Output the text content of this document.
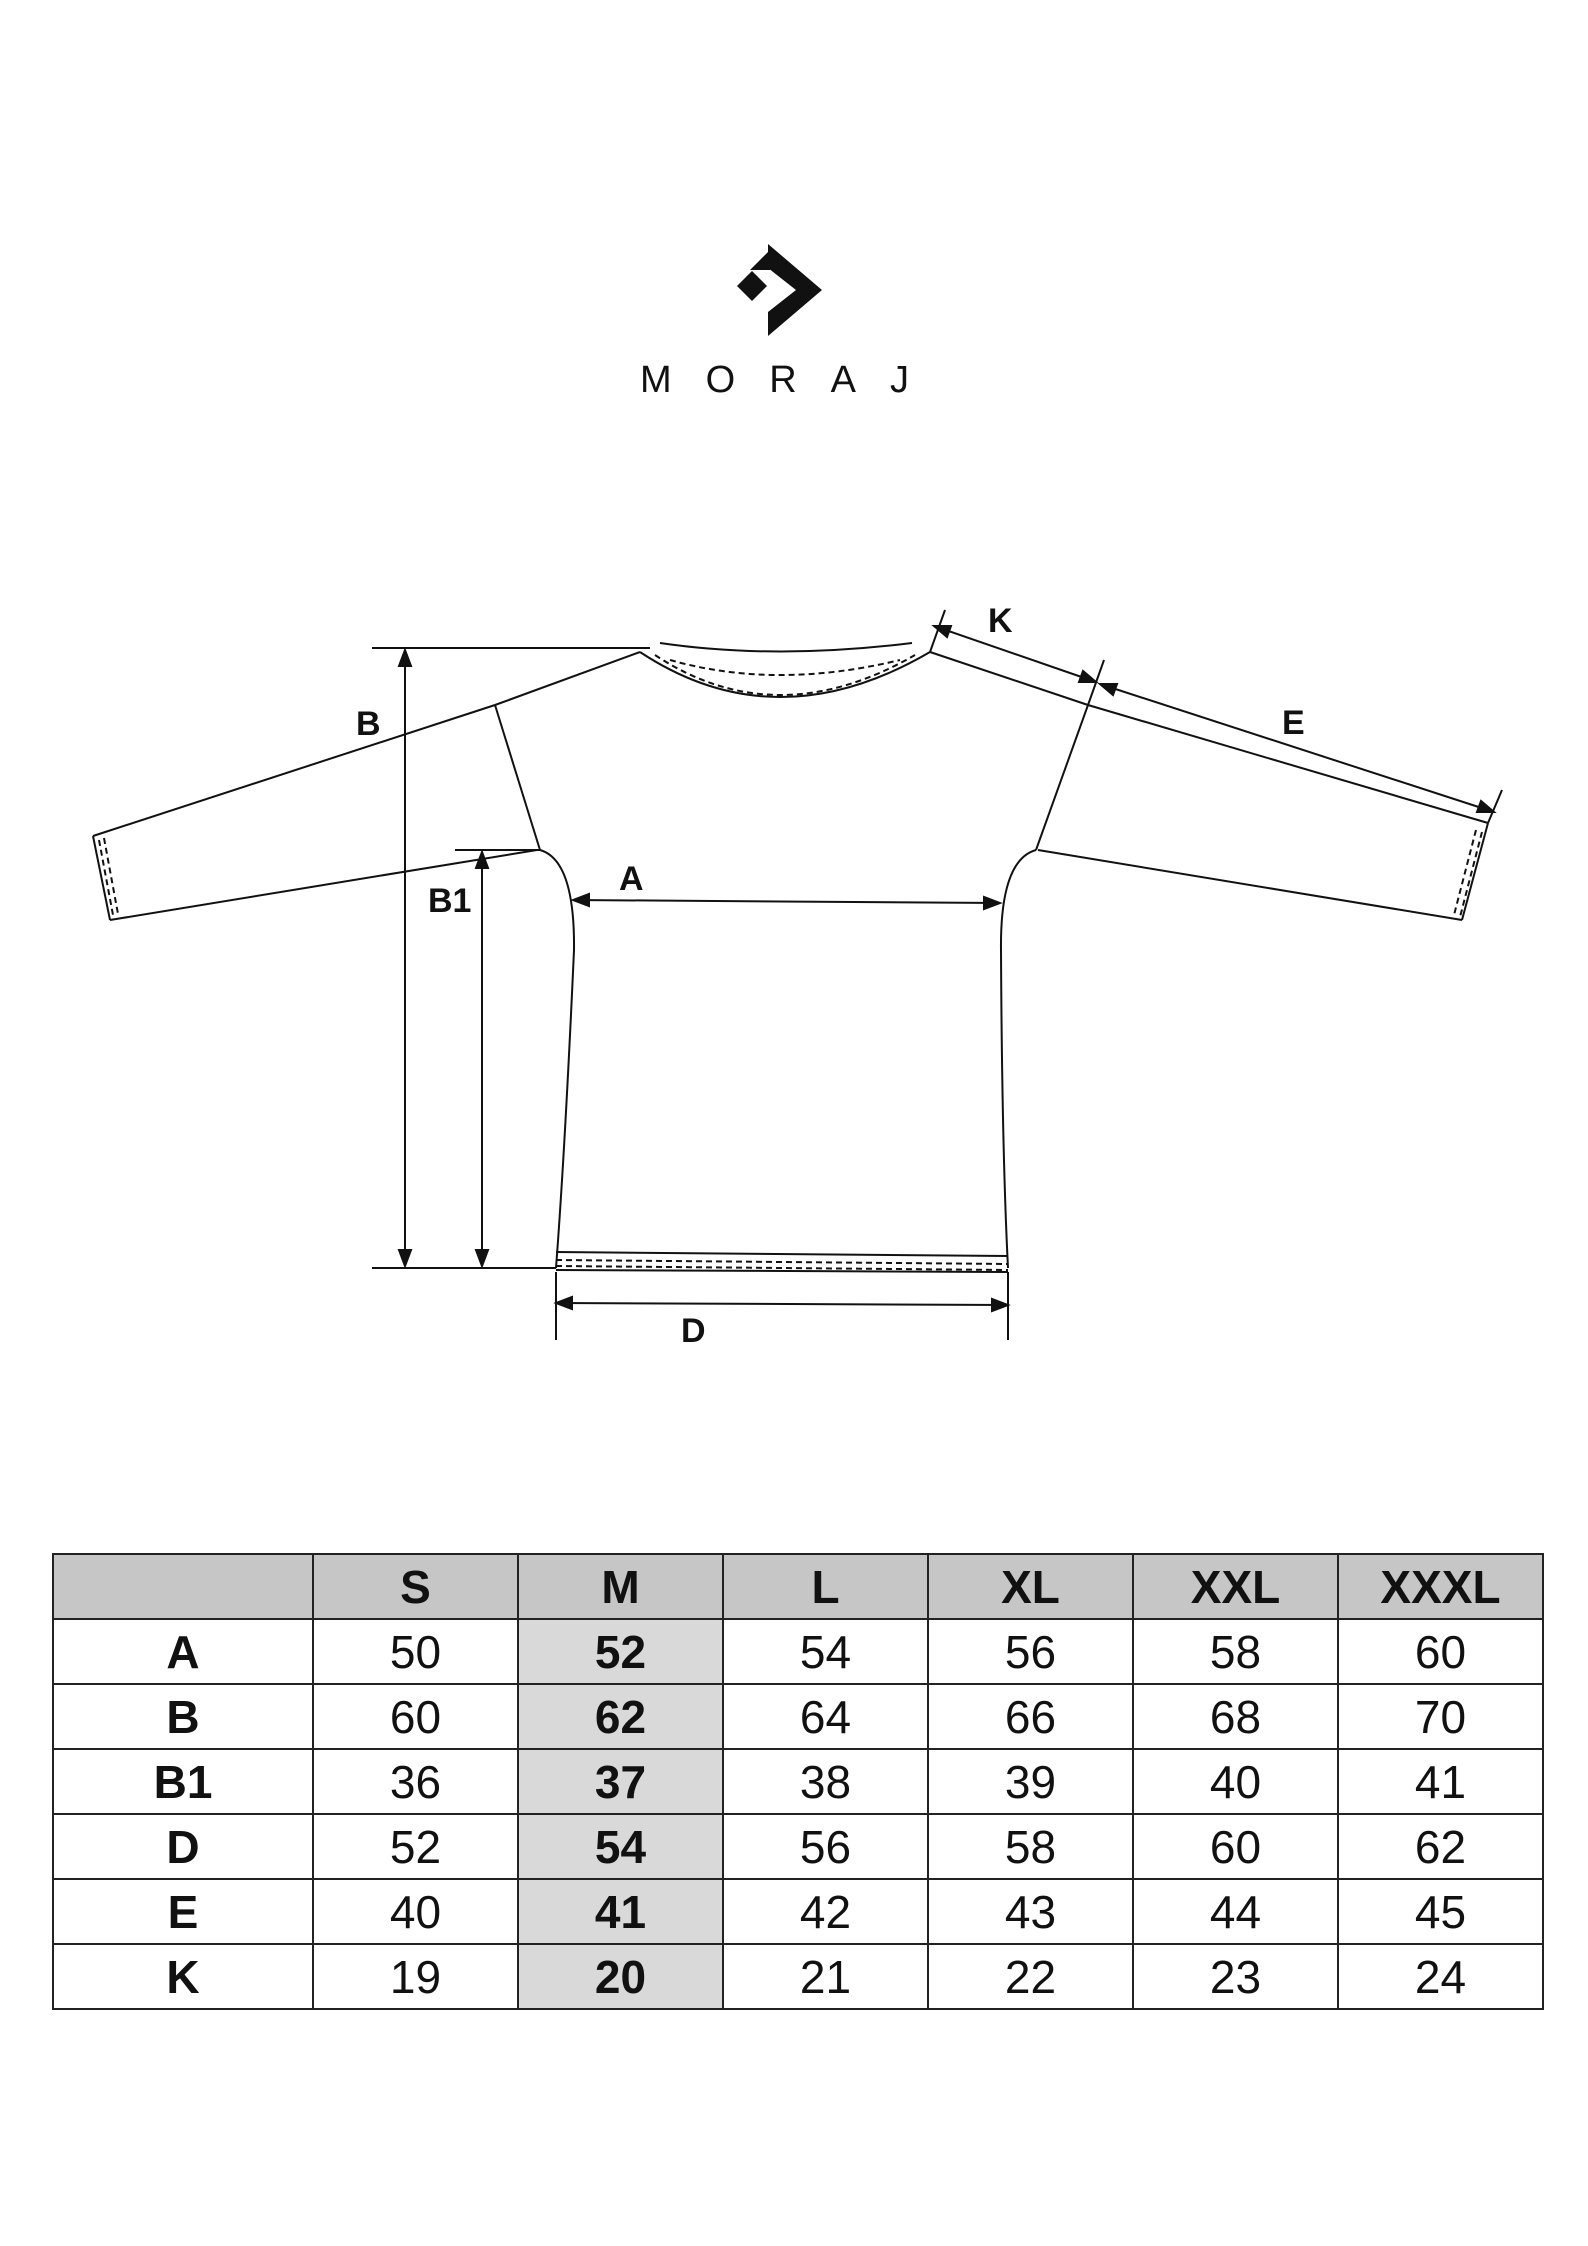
MORAJ
B
B1
A
D
K
E
	S	M	L	XL	XXL	XXXL
A	50	52	54	56	58	60
B	60	62	64	66	68	70
B1	36	37	38	39	40	41
D	52	54	56	58	60	62
E	40	41	42	43	44	45
K	19	20	21	22	23	24
